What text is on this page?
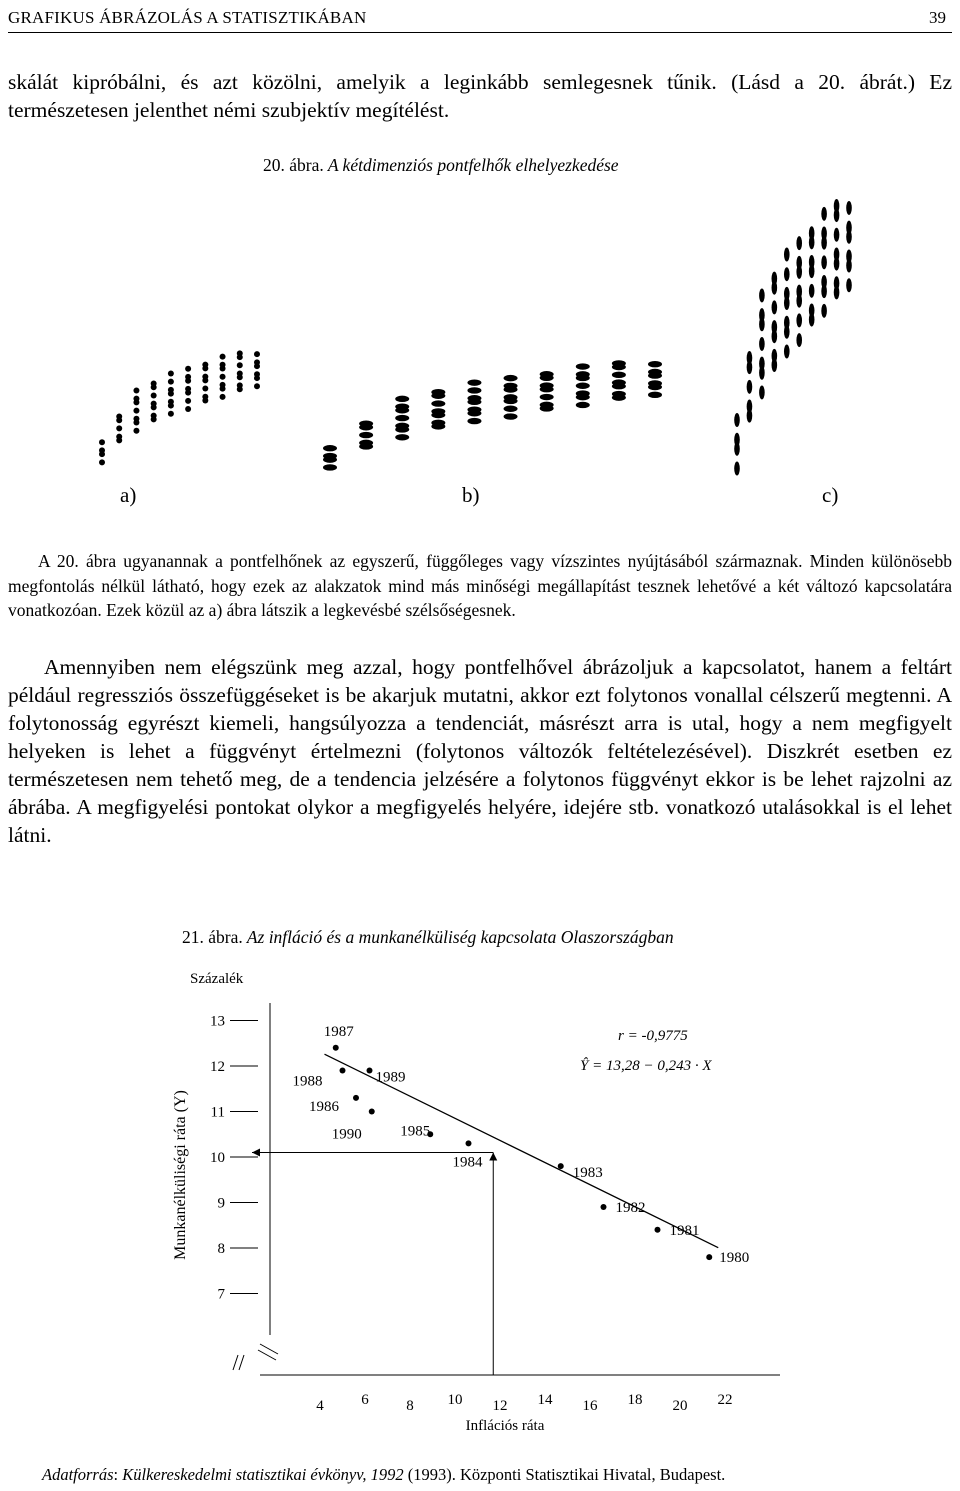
GRAFIKUS ÁBRÁZOLÁS A STATISZTIKÁBAN	39
skálát kipróbálni, és azt közölni, amelyik a leginkább semlegesnek tűnik. (Lásd a 20. ábrát.) Ez természetesen jelenthet némi szubjektív megítélést.
20. ábra. A kétdimenziós pontfelhők elhelyezkedése
a)	b)	c)
A 20. ábra ugyanannak a pontfelhőnek az egyszerű, függőleges vagy vízszintes nyújtásából származnak. Minden különösebb megfontolás nélkül látható, hogy ezek az alakzatok mind más minőségi megállapítást tesznek lehetővé a két változó kapcsolatára vonatkozóan. Ezek közül az a) ábra látszik a legkevésbé szélsőségesnek.
Amennyiben nem elégszünk meg azzal, hogy pontfelhővel ábrázoljuk a kapcsolatot, hanem a feltárt például regressziós összefüggéseket is be akarjuk mutatni, akkor ezt folytonos vonallal célszerű megtenni. A folytonosság egyrészt kiemeli, hangsúlyozza a tendenciát, másrészt arra is utal, hogy a nem megfigyelt helyeken is lehet a függvényt értelmezni (folytonos változók feltételezésével). Diszkrét esetben ez természetesen nem tehető meg, de a tendencia jelzésére a folytonos függvényt ekkor is be lehet rajzolni az ábrába. A megfigyelési pontokat olykor a megfigyelés helyére, idejére stb. vonatkozó utalásokkal is el lehet látni.
21. ábra. Az infláció és a munkanélküliség kapcsolata Olaszországban
Százalék
Munkanélküliségi ráta (Y)
7
8
9
10
11
12
13
4	6	8 10 12 14 16 18 20 22
1987
1988	1989
1986
1990	1985
1984
1983
1982
1981
1980
Inflációs ráta
r = -0,9775
Ŷ = 13,28 − 0,243 · X
Adatforrás: Külkereskedelmi statisztikai évkönyv, 1992 (1993). Központi Statisztikai Hivatal, Budapest.
